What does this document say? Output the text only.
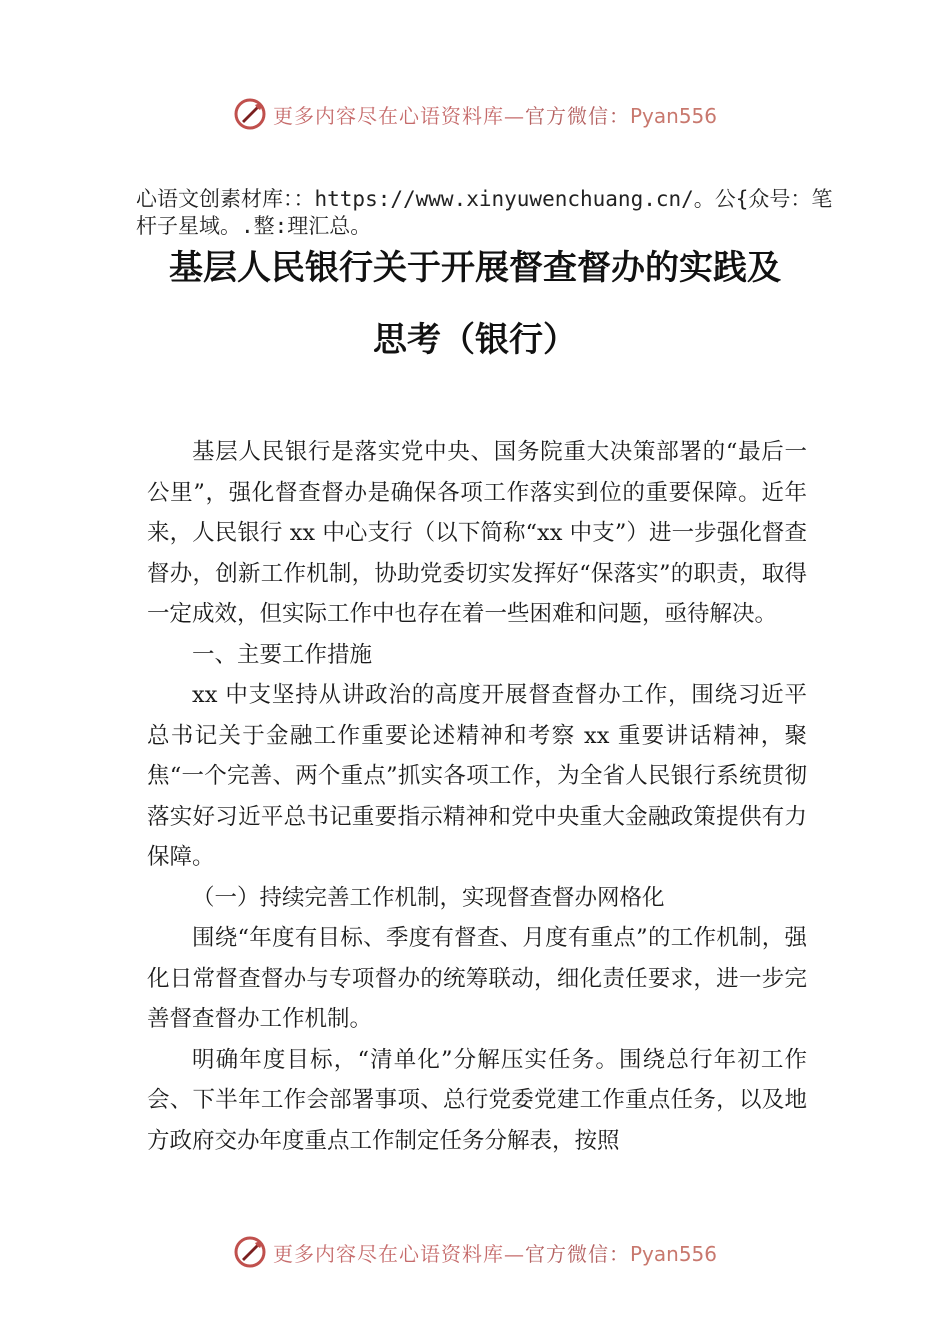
更多内容尽在心语资料库—官方微信：Pyan556
心语文创素材库：：https://www.xinyuwenchuang.cn/。公{众号：笔杆子星域。.整:理汇总。
基层人民银行关于开展督查督办的实践及
思考（银行）

基层人民银行是落实党中央、国务院重大决策部署的“最后一公里”，强化督查督办是确保各项工作落实到位的重要保障。近年来，人民银行 xx 中心支行（以下简称“xx 中支”）进一步强化督查督办，创新工作机制，协助党委切实发挥好“保落实”的职责，取得一定成效，但实际工作中也存在着一些困难和问题，亟待解决。

一、主要工作措施

xx 中支坚持从讲政治的高度开展督查督办工作，围绕习近平总书记关于金融工作重要论述精神和考察 xx 重要讲话精神，聚焦“一个完善、两个重点”抓实各项工作，为全省人民银行系统贯彻落实好习近平总书记重要指示精神和党中央重大金融政策提供有力保障。

（一）持续完善工作机制，实现督查督办网格化

围绕“年度有目标、季度有督查、月度有重点”的工作机制，强化日常督查督办与专项督办的统筹联动，细化责任要求，进一步完善督查督办工作机制。

明确年度目标，“清单化”分解压实任务。围绕总行年初工作会、下半年工作会部署事项、总行党委党建工作重点任务，以及地方政府交办年度重点工作制定任务分解表，按照

更多内容尽在心语资料库—官方微信：Pyan556
